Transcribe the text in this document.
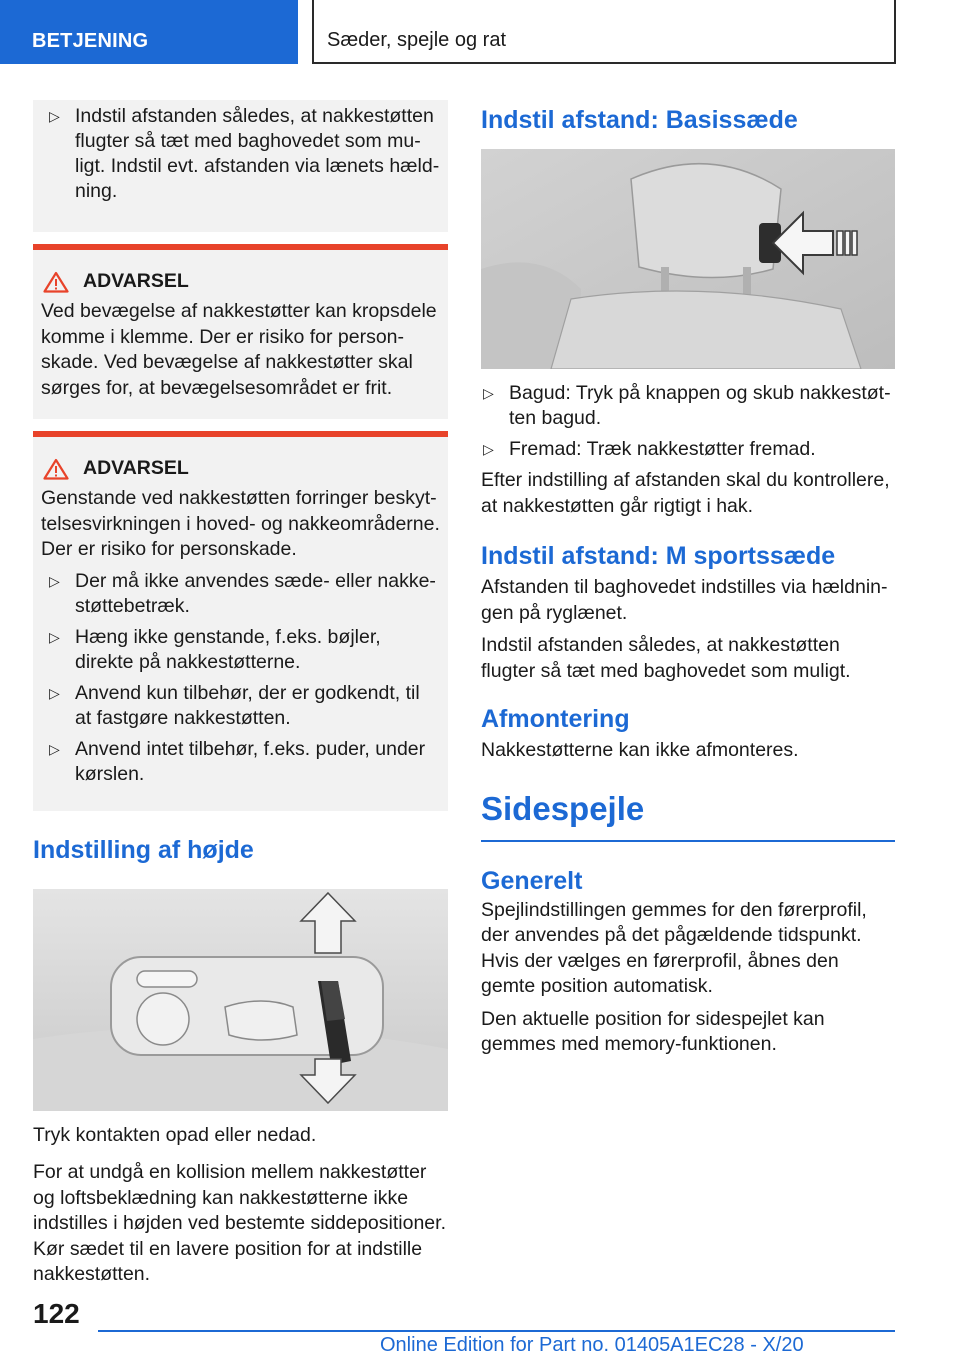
BETJENING	Sæder, spejle og rat
▷ Indstil afstanden således, at nakkestøtten flugter så tæt med baghovedet som muligt. Indstil evt. afstanden via lænets hældning.
ADVARSEL

Ved bevægelse af nakkestøtter kan kropsdele komme i klemme. Der er risiko for personskade. Ved bevægelse af nakkestøtter skal sørges for, at bevægelsesområdet er frit.

ADVARSEL

Genstande ved nakkestøtten forringer beskyttelsesvirkningen i hoved- og nakkeområderne. Der er risiko for personskade.

▷ Der må ikke anvendes sæde- eller nakkestøttebetræk.
▷ Hæng ikke genstande, f.eks. bøjler, direkte på nakkestøtterne.
▷ Anvend kun tilbehør, der er godkendt, til at fastgøre nakkestøtten.
▷ Anvend intet tilbehør, f.eks. puder, under kørslen.
Indstilling af højde

Tryk kontakten opad eller nedad.

For at undgå en kollision mellem nakkestøtter og loftsbeklædning kan nakkestøtterne ikke indstilles i højden ved bestemte siddepositioner. Kør sædet til en lavere position for at indstille nakkestøtten.

Indstil afstand: Basissæde
▷ Bagud: Tryk på knappen og skub nakkestøtten bagud.
▷ Fremad: Træk nakkestøtter fremad.

Efter indstilling af afstanden skal du kontrollere, at nakkestøtten går rigtigt i hak.

Indstil afstand: M sportssæde

Afstanden til baghovedet indstilles via hældningen på ryglænet.

Indstil afstanden således, at nakkestøtten flugter så tæt med baghovedet som muligt.

Afmontering

Nakkestøtterne kan ikke afmonteres.

Sidespejle
Generelt

Spejlindstillingen gemmes for den førerprofil, der anvendes på det pågældende tidspunkt. Hvis der vælges en førerprofil, åbnes den gemte position automatisk.

Den aktuelle position for sidespejlet kan gemmes med memory-funktionen.

122
Online Edition for Part no. 01405A1EC28 - X/20
